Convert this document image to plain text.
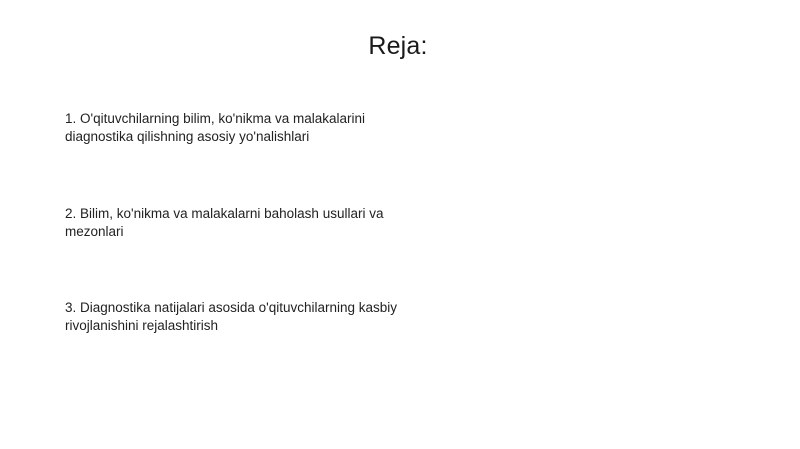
Reja:
1. O'qituvchilarning bilim, ko'nikma va malakalarini diagnostika qilishning asosiy yo'nalishlari
2. Bilim, ko'nikma va malakalarni baholash usullari va mezonlari
3. Diagnostika natijalari asosida o'qituvchilarning kasbiy rivojlanishini rejalashtirish
